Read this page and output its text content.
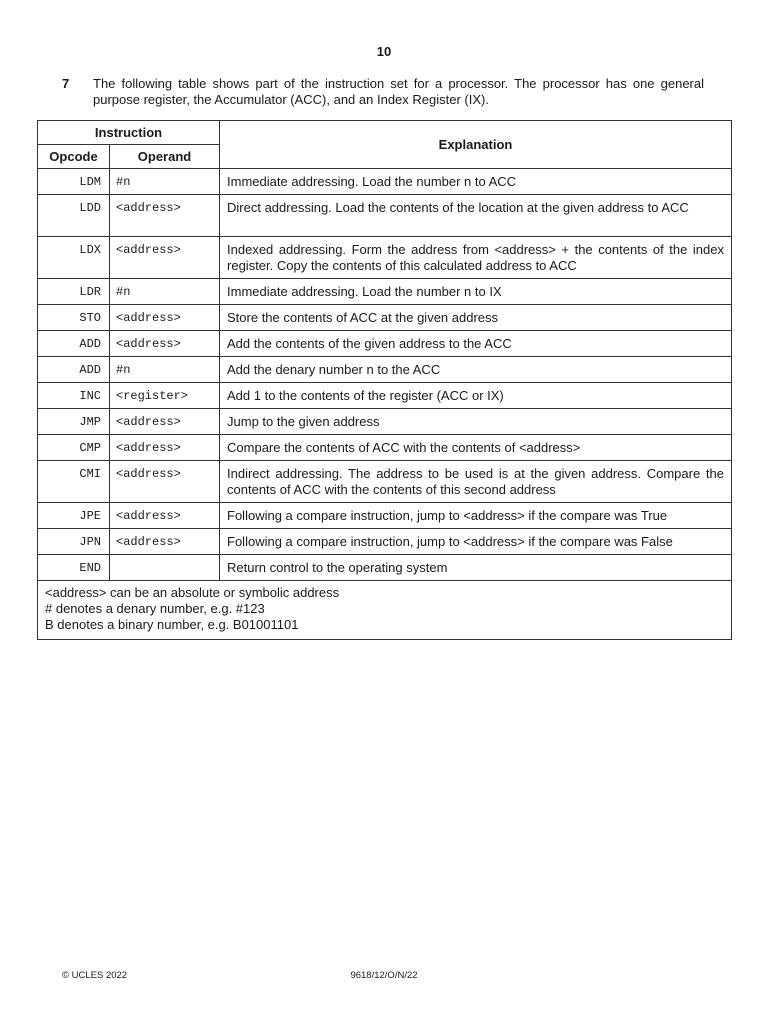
10
7 The following table shows part of the instruction set for a processor. The processor has one general purpose register, the Accumulator (ACC), and an Index Register (IX).
Instruction		Explanation
Opcode	Operand	
LDM	#n	Immediate addressing. Load the number n to ACC
LDD	<address>	Direct addressing. Load the contents of the location at the given address to ACC
LDX	<address>	Indexed addressing. Form the address from <address> + the contents of the index register. Copy the contents of this calculated address to ACC
LDR	#n	Immediate addressing. Load the number n to IX
STO	<address>	Store the contents of ACC at the given address
ADD	<address>	Add the contents of the given address to the ACC
ADD	#n	Add the denary number n to the ACC
INC	<register>	Add 1 to the contents of the register (ACC or IX)
JMP	<address>	Jump to the given address
CMP	<address>	Compare the contents of ACC with the contents of <address>
CMI	<address>	Indirect addressing. The address to be used is at the given address. Compare the contents of ACC with the contents of this second address
JPE	<address>	Following a compare instruction, jump to <address> if the compare was True
JPN	<address>	Following a compare instruction, jump to <address> if the compare was False
END		Return control to the operating system

<address> can be an absolute or symbolic address
# denotes a denary number, e.g. #123
B denotes a binary number, e.g. B01001101		
© UCLES 2022	9618/12/O/N/22
